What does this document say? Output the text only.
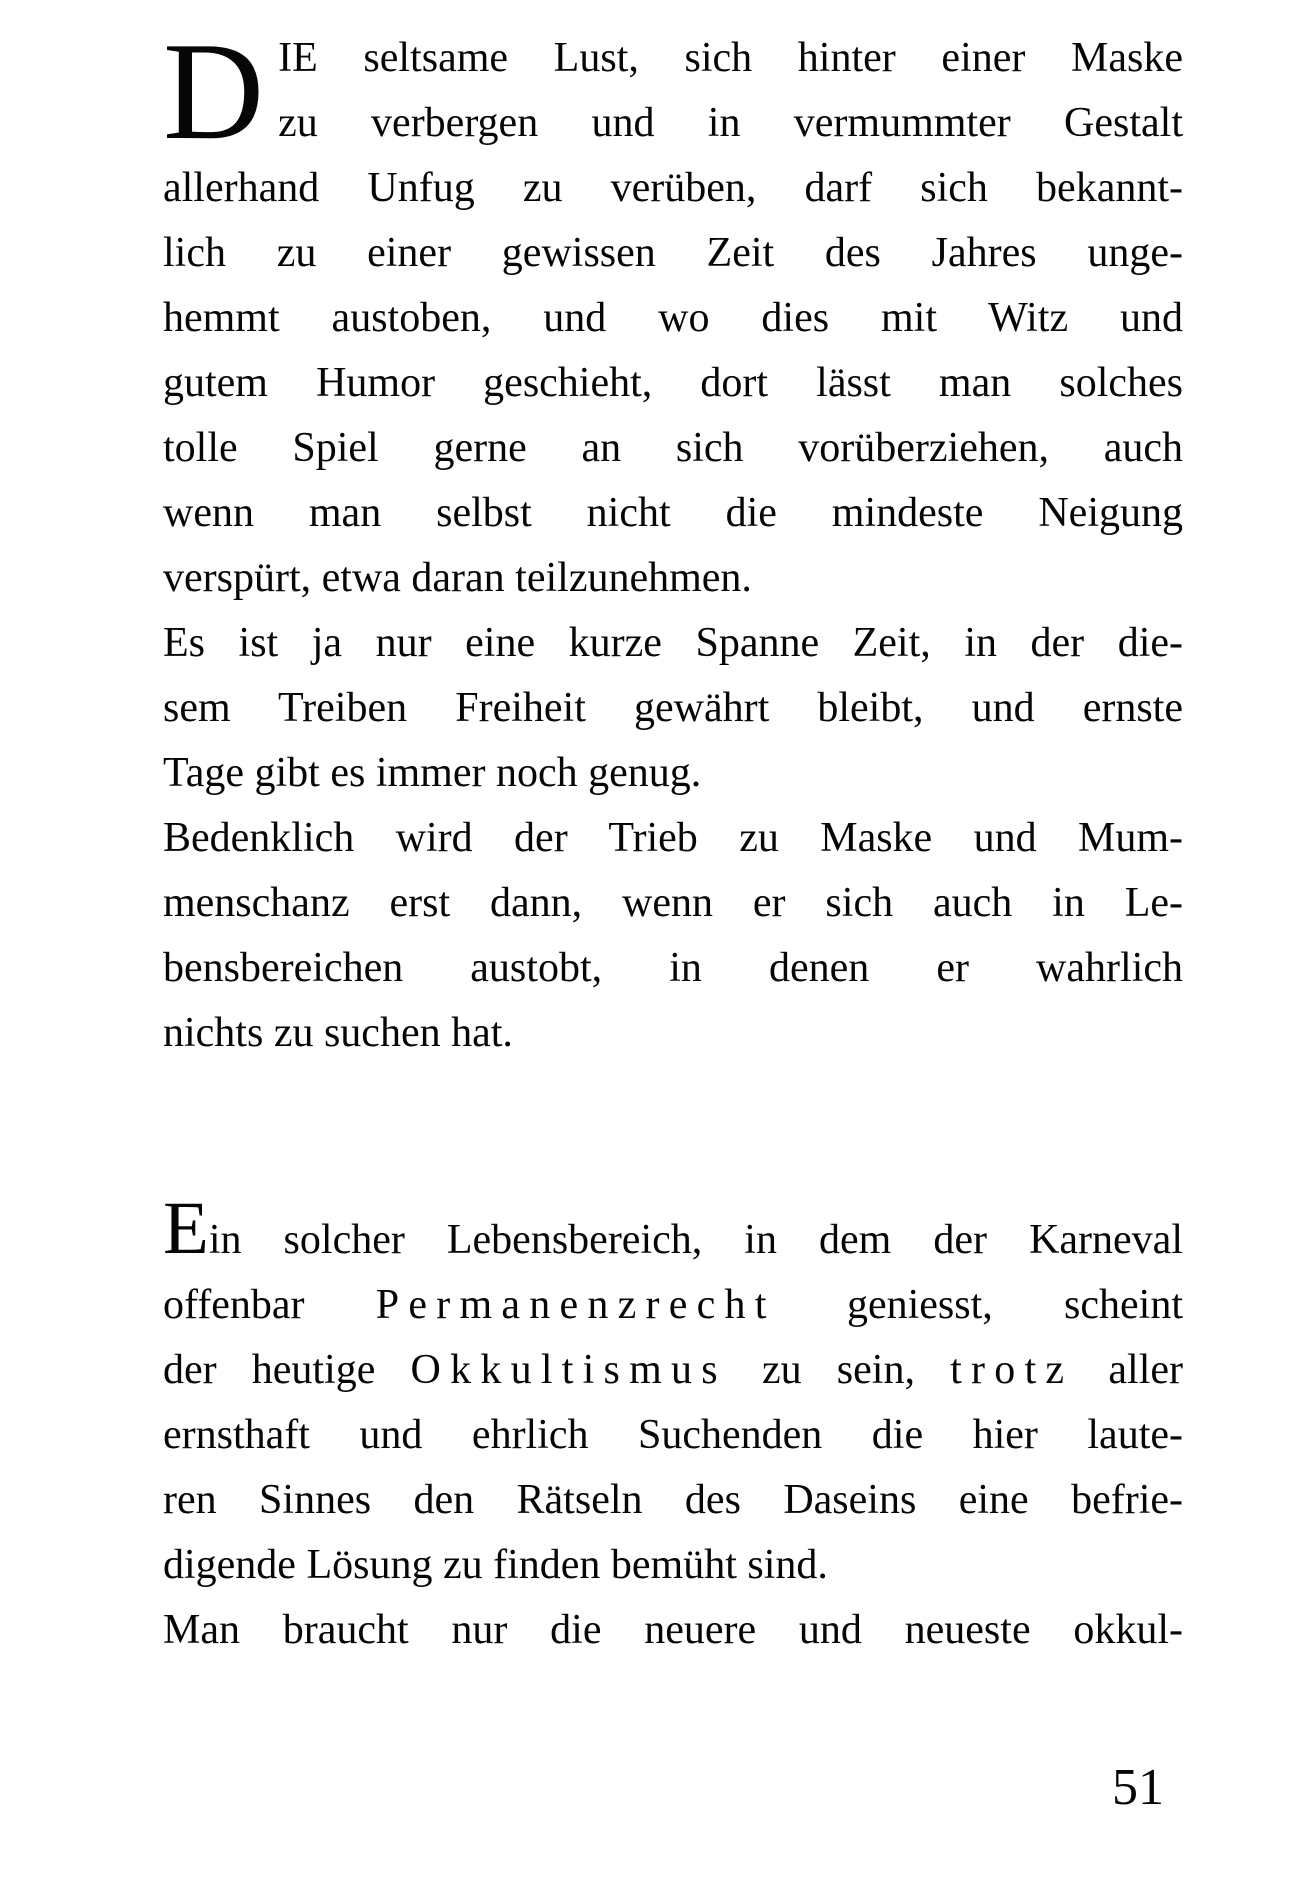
D IE seltsame Lust, sich hinter einer Maske
zu verbergen und in vermummter Gestalt
allerhand Unfug zu verüben, darf sich bekannt-
lich zu einer gewissen Zeit des Jahres unge-
hemmt austoben, und wo dies mit Witz und
gutem Humor geschieht, dort lässt man solches
tolle Spiel gerne an sich vorüberziehen, auch
wenn man selbst nicht die mindeste Neigung
verspürt, etwa daran teilzunehmen.
Es ist ja nur eine kurze Spanne Zeit, in der die-
sem Treiben Freiheit gewährt bleibt, und ernste
Tage gibt es immer noch genug.
Bedenklich wird der Trieb zu Maske und Mum-
menschanz erst dann, wenn er sich auch in Le-
bensbereichen austobt, in denen er wahrlich
nichts zu suchen hat.
Ein solcher Lebensbereich, in dem der Karneval
offenbar Permanenzrecht geniesst, scheint
der heutige Okkultismus zu sein, trotz aller
ernsthaft und ehrlich Suchenden die hier laute-
ren Sinnes den Rätseln des Daseins eine befrie-
digende Lösung zu finden bemüht sind.
Man braucht nur die neuere und neueste okkul-
51
